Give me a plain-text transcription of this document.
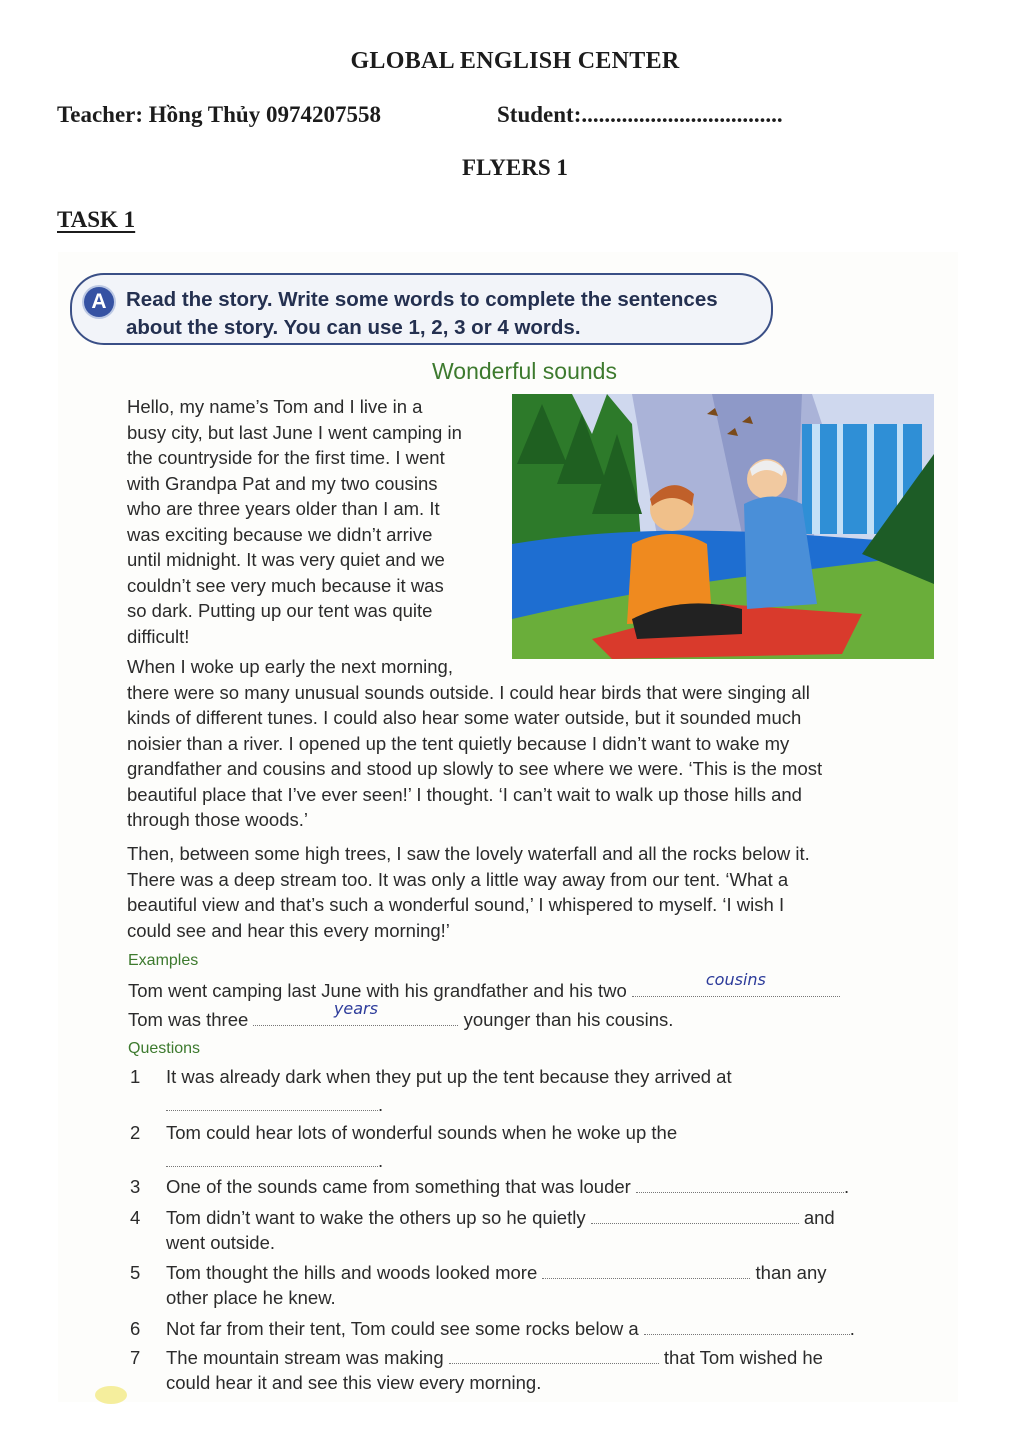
GLOBAL ENGLISH CENTER
Teacher: Hồng Thủy 0974207558	Student:...................................
FLYERS 1
TASK 1
A Read the story. Write some words to complete the sentences
about the story. You can use 1, 2, 3 or 4 words.
Wonderful sounds
Hello, my name’s Tom and I live in a
busy city, but last June I went camping in
the countryside for the first time. I went
with Grandpa Pat and my two cousins
who are three years older than I am. It
was exciting because we didn’t arrive
until midnight. It was very quiet and we
couldn’t see very much because it was
so dark. Putting up our tent was quite
difficult!
When I woke up early the next morning,
there were so many unusual sounds outside. I could hear birds that were singing all
kinds of different tunes. I could also hear some water outside, but it sounded much
noisier than a river. I opened up the tent quietly because I didn’t want to wake my
grandfather and cousins and stood up slowly to see where we were. ‘This is the most
beautiful place that I’ve ever seen!’ I thought. ‘I can’t wait to walk up those hills and
through those woods.’
Then, between some high trees, I saw the lovely waterfall and all the rocks below it.
There was a deep stream too. It was only a little way away from our tent. ‘What a
beautiful view and that’s such a wonderful sound,’ I whispered to myself. ‘I wish I
could see and hear this every morning!’
Examples
Tom went camping last June with his grandfather and his two
cousins
Tom was three
years
younger than his cousins.
Questions
1 It was already dark when they put up the tent because they arrived at
.
2 Tom could hear lots of wonderful sounds when he woke up the
.
3 One of the sounds came from something that was louder	.
4 Tom didn’t want to wake the others up so he quietly	and
went outside.
5 Tom thought the hills and woods looked more	than any
other place he knew.
6 Not far from their tent, Tom could see some rocks below a	.
7 The mountain stream was making	that Tom wished he
could hear it and see this view every morning.
